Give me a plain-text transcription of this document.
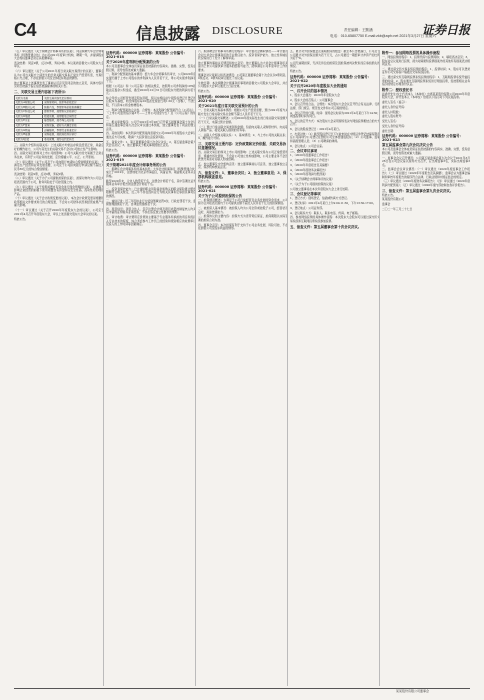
C4	信息披露 DISCLOSURE	责任编辑：王默涵
电话：010-65807750 E-mail:zkb@zqrb.net 2021年3月27日 星期六
证券日报

（五）审议通过《关于续聘会计师事务所的议案》，同意续聘大华会计师事务所（特殊普通合伙）为公司2021年度审计机构，聘期一年，并提请股东大会授权董事会决定其报酬事宜。

表决结果：同意9票，反对0票，弃权0票。本议案尚需提交公司股东大会审议。

（六）审议通过《关于公司2021年度日常关联交易预计的议案》，董事会认为公司与关联方之间发生的日常关联交易系正常生产经营所需，交易价格公允合理，不存在损害公司及全体股东利益的情形。

独立董事对上述事项发表了事前认可意见及同意的独立意见，具体内容详见同日披露于指定信息披露媒体的相关公告。

二、关联交易主要内容如下表所示：
关联方名称	关联交易内容及定价原则
关联方A有限公司	采购原材料，按市场价格定价
关联方B股份公司	销售产品，参照市场价格协商确定
关联方C科技公司	提供劳务，按照协议价格执行
关联方D集团	租赁房屋，按照租赁合同约定
关联方E实业	接受服务，按市场公允价格
关联方F贸易	采购设备，招标方式确定价格
关联方G物流	运输服务，参照行业标准定价
关联方H能源	采购能源，按政府指导价执行
关联方I投资	委托管理，按协议约定执行

三、关联方介绍和关联关系：上述关联方均依法存续且经营正常，具备良好的履约能力，公司与其发生的关联交易不会对公司独立性产生影响。

四、关联交易目的和对上市公司的影响：公司与关联方的交易属于正常业务往来，有利于公司业务的发展，定价遵循公平、公正、公开原则。

（七）审议通过《关于公司及子公司向银行申请综合授信额度的议案》，为满足生产经营和业务发展需要，公司及子公司拟向银行申请总额不超过人民币30亿元的综合授信额度。

表决结果：同意9票，反对0票，弃权0票。

（八）审议通过《关于为子公司提供担保的议案》，担保对象均为公司合并报表范围内子公司，财务风险处于可控范围之内。

（九）审议通过《关于使用闲置自有资金进行现金管理的议案》，在确保不影响正常经营的前提下使用闲置自有资金购买安全性高、流动性好的理财产品。

（十）审议通过《关于会计政策变更的议案》，本次会计政策变更是根据财政部相关文件要求进行的合理变更，不会对公司财务状况和经营成果产生重大影响。

（十一）审议通过《关于召开2020年年度股东大会的议案》，公司定于2021年4月召开年度股东大会，审议上述需提交股东大会审议的议案。

特此公告。

证券代码：000000 证券简称：某某股份 公告编号：2021-018
关于2020年度利润分配预案的公告

本公司及董事会全体成员保证信息披露的内容真实、准确、完整，没有虚假记载、误导性陈述或重大遗漏。

一、利润分配预案的基本情况：经大华会计师事务所审计，公司2020年度实现归属于上市公司股东的净利润为人民币若干元，母公司实现净利润若干元。

根据《公司法》和《公司章程》的相关规定，按照母公司净利润的10%提取法定盈余公积金后，截至2020年12月31日可供股东分配的利润为若干元。

综合考虑公司经营发展及股东回报，拟以实施权益分派股权登记日登记的总股本为基数，向全体股东每10股派发现金红利1.50元（含税），不送红股，不以资本公积金转增股本。

二、利润分配预案的合法性、合规性：本次利润分配预案符合《公司法》、《上市公司监管指引第3号——上市公司现金分红》及《公司章程》的规定。

三、相关审批程序：公司于2021年3月26日召开第五届董事会第十次会议和第五届监事会第九次会议审议通过本预案，独立董事发表了同意的独立意见。

四、其他说明：本次利润分配预案尚需提交公司2020年年度股东大会审议通过后方可实施，敬请广大投资者注意投资风险。

五、备查文件：1、第五届董事会第十次会议决议；2、第五届监事会第九次会议决议；3、独立董事关于相关事项的独立意见。

特此公告。

证券代码：000000 证券简称：某某股份 公告编号：2021-019
关于续聘2021年度会计师事务所的公告

一、拟聘任会计师事务所的基本信息：大华会计师事务所（特殊普通合伙）成立于2012年，注册地址为北京市海淀区，具备证券、期货相关业务从业资格。

截至2020年末，合伙人数量若干名，注册会计师若干名，其中签署过证券服务业务审计报告的注册会计师若干名。

二、投资者保护能力：已计提的职业风险基金和购买的职业保险累计赔偿限额符合相关规定，近三年不存在因执业行为相关民事诉讼承担民事责任的情况。

三、诚信记录：近三年因执业行为受到刑事处罚0次、行政处罚若干次、监督管理措施若干次、自律监管措施若干次。

四、项目信息：项目合伙人、签字注册会计师及项目质量控制复核人均具有丰富的证券服务业务经验，不存在违反独立性要求的情形。

五、审计收费：审计费用定价原则主要基于专业服务所承担的责任和需投入专业技术的程度，综合考虑参与工作员工的经验和级别相应的收费率以及投入的工作时间等因素确定。

六、拟续聘会计师事务所履行的程序：审计委员会履职情况——审计委员会对大华会计师事务所的专业胜任能力、投资者保护能力、独立性和诚信状况等进行了充分了解和审查。

独立董事的事前认可情况和独立意见：独立董事认为大华会计师事务所具备为上市公司提供审计服务的经验与能力，能够满足公司年度审计工作的要求。

董事会对议案审议和表决情况：公司第五届董事会第十次会议以9票同意、0票反对、0票弃权审议通过了该议案。

生效日期：本次续聘会计师事务所事项尚需提交公司股东大会审议，并自公司股东大会审议通过之日起生效。

特此公告。

证券代码：000000 证券简称：某某股份 公告编号：2021-020
关于2021年度日常关联交易预计的公告

一、日常关联交易基本情况：根据公司生产经营需要，预计2021年度与关联方发生日常关联交易总金额不超过人民币若干万元。

（一）日常关联交易概述：公司2020年度实际发生的日常关联交易金额为若干万元，未超过预计金额。

（二）预计日常关联交易类别和金额：包括向关联人采购原材料、向关联人销售产品、接受关联人提供的劳务等。

二、关联人介绍和关联关系：1、基本情况；2、与上市公司的关联关系；3、履约能力分析。

三、关联交易主要内容：定价政策和定价依据、关联交易协议签署情况。

四、关联交易目的和对上市公司的影响：上述关联交易为公司正常经营所需，遵循市场化原则，不会对公司独立性构成影响，公司主要业务不会因此类交易而对关联人形成依赖。

五、独立董事及中介机构意见：独立董事事前认可意见、独立董事独立意见、保荐机构核查意见。

六、备查文件：1、董事会决议；2、独立董事意见；3、保荐机构核查意见。

特此公告。

证券代码：000000 证券简称：某某股份 公告编号：2021-021
关于为子公司提供担保的公告

一、担保情况概述：为满足子公司日常经营及业务发展的资金需求，公司拟为合并报表范围内子公司提供总额不超过人民币若干亿元的担保额度。

二、被担保人基本情况：被担保人均为公司全资或控股子公司，经营状况良好，具备偿债能力。

三、担保协议的主要内容：担保方式为连带责任保证，担保期限以实际签署的担保合同为准。

四、董事会意见：本次担保有利于支持子公司业务发展，风险可控，不存在损害公司及股东利益的情形。

五、累计对外担保数量及逾期担保的数量：截至本公告披露日，公司及子公司累计对外担保总额为若干万元，占公司最近一期经审计净资产的比例为若干%。

公司无逾期担保，无涉及诉讼的担保及因担保被判决败诉而应承担损失的情况。

特此公告。

证券代码：000000 证券简称：某某股份 公告编号：2021-022
关于召开2020年年度股东大会的通知
一、召开会议的基本情况

1、股东大会届次：2020年年度股东大会

2、股东大会的召集人：公司董事会

3、会议召开的合法、合规性：本次股东大会会议召开符合有关法律、行政法规、部门规章、规范性文件和公司章程的规定。

4、会议召开的日期、时间：现场会议时间为2021年4月某日下午14:30；网络投票时间为同日。

5、会议的召开方式：本次股东大会采用现场表决与网络投票相结合的方式召开。

6、会议的股权登记日：2021年4月某日。

7、出席对象：（1）截至股权登记日下午收市时在中国证券登记结算有限责任公司深圳分公司登记在册的公司全体普通股股东；（2）公司董事、监事和高级管理人员；（3）公司聘请的律师。

8、会议地点：公司会议室。

二、会议审议事项

1、《2020年度董事会工作报告》

2、《2020年度监事会工作报告》

3、《2020年年度报告及其摘要》

4、《2020年度财务决算报告》

5、《2020年度利润分配预案》

6、《关于续聘会计师事务所的议案》

7、《关于为子公司提供担保的议案》

公司独立董事将在本次年度股东大会上进行述职。

三、会议登记等事项

1、登记方式：现场登记、信函或传真方式登记。

2、登记时间：2021年4月某日上午9:00-11:30，下午13:30-17:00。

3、登记地点：公司证券部。

4、会议联系方式：联系人、联系电话、传真、电子邮箱。

四、参加网络投票的具体操作流程：本次股东大会股东可以通过深交所交易系统和互联网投票系统参加投票。

五、备查文件：第五届董事会第十次会议决议。
附件一：参加网络投票的具体操作流程

一、网络投票的程序：1、投票代码与投票简称；2、填报表决意见；3、股东对总议案进行投票，视为对除累积投票提案外的其他所有提案表达相同意见。

二、通过深交所交易系统投票的程序：1、投票时间；2、股东可以登录证券公司交易客户端通过交易系统投票。

三、通过深交所互联网投票系统投票的程序：1、互联网投票系统开始投票的时间；2、股东通过互联网投票系统进行网络投票，需按照相关业务指引的规定办理身份认证。

附件二：授权委托书

兹委托先生/女士代表本人（本单位）出席某某股份有限公司2020年年度股东大会，并代表本人（本单位）依照以下指示对下列议案投票。

委托人签名（盖章）：

委托人身份证号码：

委托人持股数：

委托人股东账号：

受托人签名：

受托人身份证号码：

委托日期：

证券代码：000000 证券简称：某某股份 公告编号：2021-023
第五届监事会第九次会议决议公告

本公司及监事会全体成员保证信息披露的内容真实、准确、完整，没有虚假记载、误导性陈述或重大遗漏。

一、监事会会议召开情况：公司第五届监事会第九次会议于2021年3月26日在公司会议室以现场方式召开，应出席监事3名，实际出席监事3名。

二、监事会会议审议情况：（一）审议通过《2020年度监事会工作报告》；（二）审议通过《2020年年度报告及其摘要》，监事会认为董事会编制和审核年度报告的程序符合法律、行政法规和中国证监会的规定。

（三）审议通过《2020年度财务决算报告》；（四）审议通过《2020年度利润分配预案》；（五）审议通过《2020年度内部控制自我评价报告》。

三、备查文件：第五届监事会第九次会议决议。

特此公告。

某某股份有限公司

监事会

二〇二一年三月二十七日

某某股份有限公司董事会
